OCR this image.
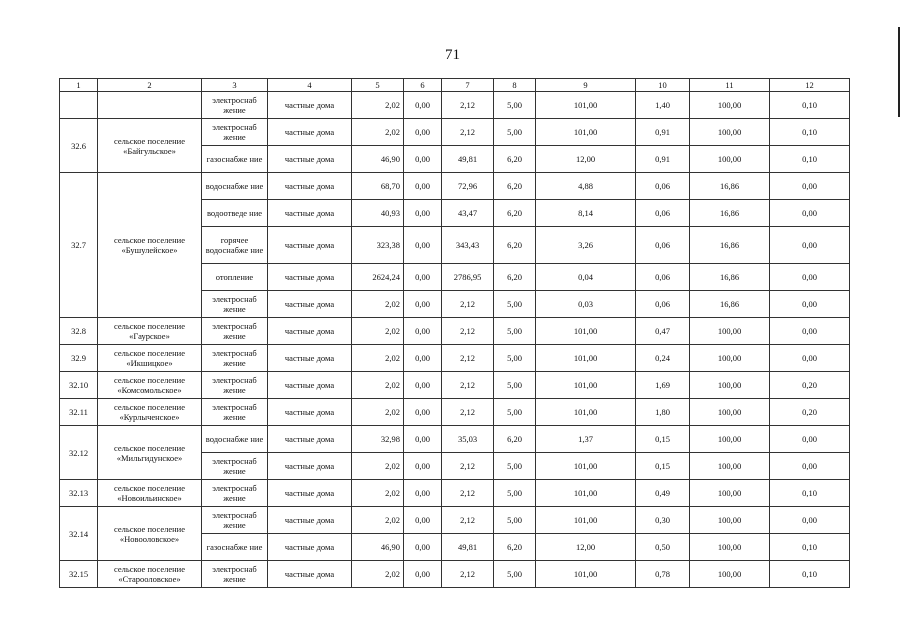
71
1	2	3	4	5	6	7	8	9	10	11	12
		электроснаб жение	частные дома	2,02	0,00	2,12	5,00	101,00	1,40	100,00	0,10
32.6	сельское поселение «Байгульское»	электроснаб жение	частные дома	2,02	0,00	2,12	5,00	101,00	0,91	100,00	0,10
		газоснабже ние	частные дома	46,90	0,00	49,81	6,20	12,00	0,91	100,00	0,10
32.7	сельское поселение «Бушулейское»	водоснабже ние	частные дома	68,70	0,00	72,96	6,20	4,88	0,06	16,86	0,00
		водоотведе ние	частные дома	40,93	0,00	43,47	6,20	8,14	0,06	16,86	0,00
		горячее водоснабже ние	частные дома	323,38	0,00	343,43	6,20	3,26	0,06	16,86	0,00
		отопление	частные дома	2624,24	0,00	2786,95	6,20	0,04	0,06	16,86	0,00
		электроснаб жение	частные дома	2,02	0,00	2,12	5,00	0,03	0,06	16,86	0,00
32.8	сельское поселение «Гаурское»	электроснаб жение	частные дома	2,02	0,00	2,12	5,00	101,00	0,47	100,00	0,00
32.9	сельское поселение «Икшицкое»	электроснаб жение	частные дома	2,02	0,00	2,12	5,00	101,00	0,24	100,00	0,00
32.10	сельское поселение «Комсомольское»	электроснаб жение	частные дома	2,02	0,00	2,12	5,00	101,00	1,69	100,00	0,20
32.11	сельское поселение «Курлыченское»	электроснаб жение	частные дома	2,02	0,00	2,12	5,00	101,00	1,80	100,00	0,20
32.12	сельское поселение «Мильгидунское»	водоснабже ние	частные дома	32,98	0,00	35,03	6,20	1,37	0,15	100,00	0,00
		электроснаб жение	частные дома	2,02	0,00	2,12	5,00	101,00	0,15	100,00	0,00
32.13	сельское поселение «Новоильинское»	электроснаб жение	частные дома	2,02	0,00	2,12	5,00	101,00	0,49	100,00	0,10
32.14	сельское поселение «Новооловское»	электроснаб жение	частные дома	2,02	0,00	2,12	5,00	101,00	0,30	100,00	0,00
		газоснабже ние	частные дома	46,90	0,00	49,81	6,20	12,00	0,50	100,00	0,10
32.15	сельское поселение «Старооловское»	электроснаб жение	частные дома	2,02	0,00	2,12	5,00	101,00	0,78	100,00	0,10
